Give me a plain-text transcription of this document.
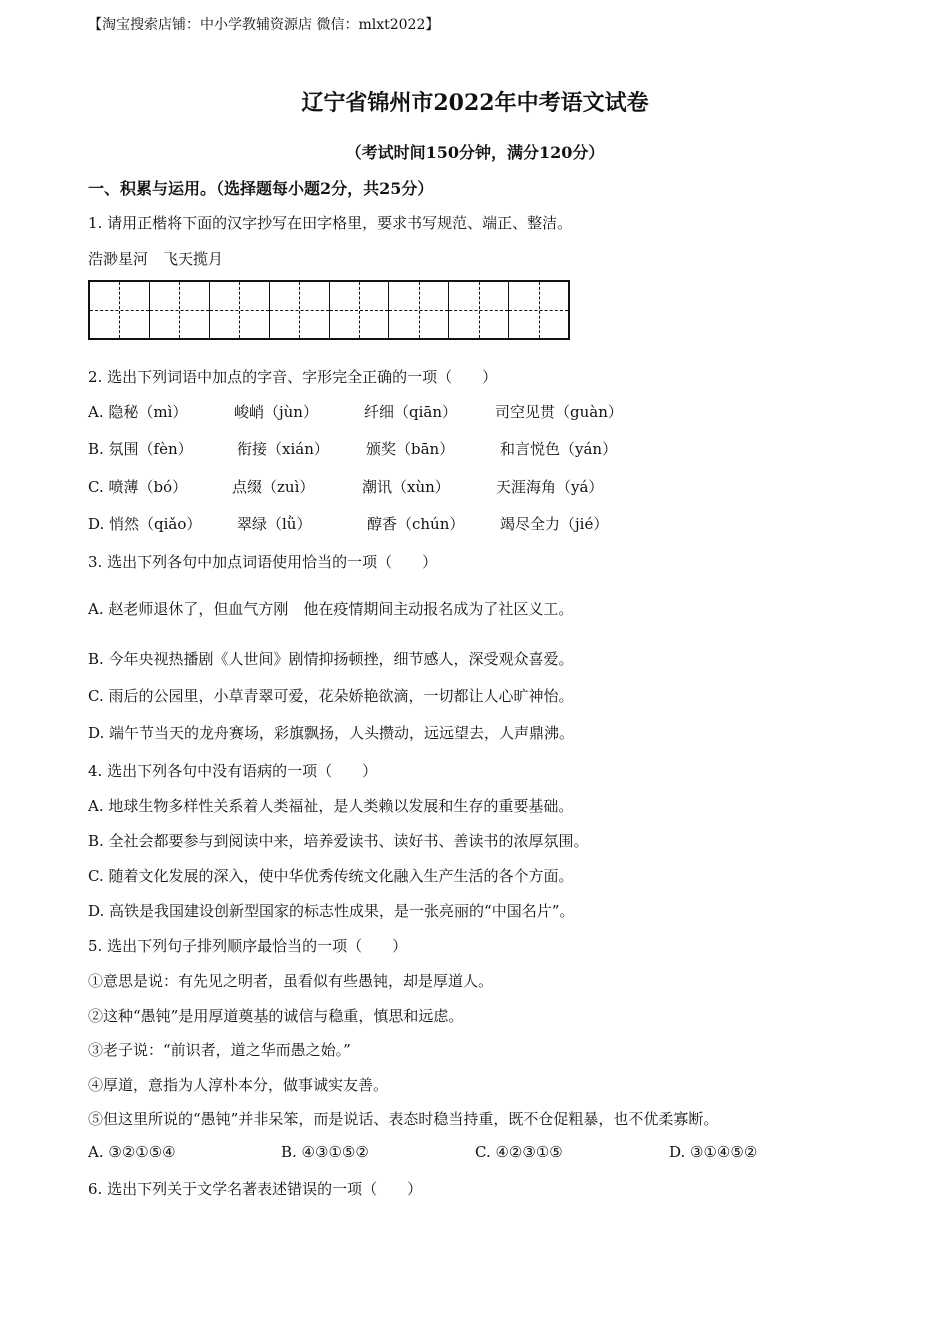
【淘宝搜索店铺：中小学教辅资源店 微信：mlxt2022】
辽宁省锦州市2022年中考语文试卷
（考试时间150分钟，满分120分）
一、积累与运用。（选择题每小题2分，共25分）
1. 请用正楷将下面的汉字抄写在田字格里，要求书写规范、端正、整洁。
浩渺星河　飞天揽月
2. 选出下列词语中加点的字音、字形完全正确的一项（　　）
A. 隐秘（mì）	峻峭（jùn）	纤细（qiān）	司空见贯（guàn）
B. 氛围（fèn）	衔接（xián） 颁奖（bān）	和言悦色（yán）
C. 喷薄（bó）	点缀（zuì）	潮讯（xùn）	天涯海角（yá）
D. 悄然（qiǎo） 翠绿（lǜ）	醇香（chún） 竭尽全力（jié）
3. 选出下列各句中加点词语使用恰当的一项（　　）
A. 赵老师退休了，但血气方刚　他在疫情期间主动报名成为了社区义工。
B. 今年央视热播剧《人世间》剧情抑扬顿挫，细节感人，深受观众喜爱。
C. 雨后的公园里，小草青翠可爱，花朵娇艳欲滴，一切都让人心旷神怡。
D. 端午节当天的龙舟赛场，彩旗飘扬，人头攒动，远远望去，人声鼎沸。
4. 选出下列各句中没有语病的一项（　　）
A. 地球生物多样性关系着人类福祉，是人类赖以发展和生存的重要基础。
B. 全社会都要参与到阅读中来，培养爱读书、读好书、善读书的浓厚氛围。
C. 随着文化发展的深入，使中华优秀传统文化融入生产生活的各个方面。
D. 高铁是我国建设创新型国家的标志性成果，是一张亮丽的“中国名片”。
5. 选出下列句子排列顺序最恰当的一项（　　）
①意思是说：有先见之明者，虽看似有些愚钝，却是厚道人。
②这种“愚钝”是用厚道奠基的诚信与稳重，慎思和远虑。
③老子说：“前识者，道之华而愚之始。”
④厚道，意指为人淳朴本分，做事诚实友善。
⑤但这里所说的“愚钝”并非呆笨，而是说话、表态时稳当持重，既不仓促粗暴，也不优柔寡断。
A. ③②①⑤④	B. ④③①⑤②	C. ④②③①⑤	D. ③①④⑤②
6. 选出下列关于文学名著表述错误的一项（　　）
